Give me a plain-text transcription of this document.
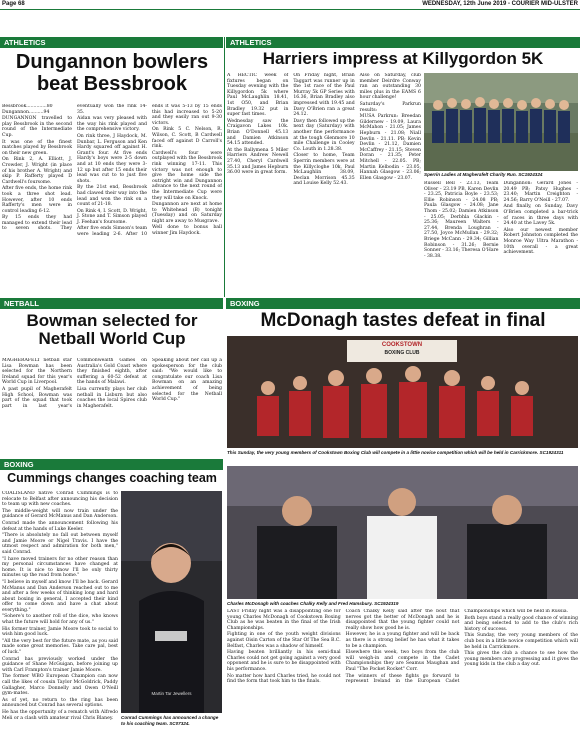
Page 68	WEDNESDAY, 12th June 2019 - COURIER MID-ULSTER
ATHLETICS
Dungannon bowlers beat Bessbrook

Bessbrook..............80 Dungannon..........94

DUNGANNON travelled to play Bessbrook in the second round of the Intermediate Cup.

It was one of the finest matches played by Bessbrook on their new green.

On Rink 2, A. Elliott, J. Crowder, J. Wright (in place of his brother A. Wright) and skip P. Rafferty played D Cardwell's foursome.

After five ends, the home rink took a three shot lead. However, after 10 ends Rafferty's men were in control leading 6-12.

By 15 ends they had managed to extend their lead to seven shots. They eventually won the rink 14-35.

Aidan was very pleased with the way his rink played and the comprehensive victory.

On rink three, J Haydock, M. Dunbar, L. Ferguson and Ken Hardy squared off against H. Grant's four. At five ends Hardy's boys were 2-5 down and at 10 ends they were 3-12 up but after 15 ends their lead was cut to to just five shots.

By the 21st end, Bessbrook had clawed their way into the lead and won the rink on a count of 21-18.

On Rink 4, I. Scott, D. Wright, J. Stone and T. Simson played J. Feehan's foursome.

After five ends Simson's team were leading 2-6. After 10 ends it was 5-13 by 15 ends this had increased to 5-20 and they easily ran out 9-30 victors.

On Rink 5 C. Nelson, R. Wilson, C. Scott, B Cardwell faced off against D Carroll's rink.

Cardwell's four were outplayed with the Bessbrook rink winning 17-11. This victory was not enough to give the home side the outright win and Dungannon advance to the next round of the Intermediate Cup were they will take on Knock.

Dungannon are next at home to Whitehead (B) tonight (Tuesday) and on Saturday night are away to Musgrave.

Well done to bonus ball winner Jim Haydock.

ATHLETICS
Harriers impress at Killygordon 5K

A HECTIC week of fixtures began on Tuesday evening with the Killygordon 5k where Paul McLaughlin 18.41, 1st O50, and Brian Bradley 19.32 put in super fast times.

Wednesday saw the Craigavon Lakes 10k. Brian O'Donnell 45.13 and Damien Atkinson 54.15 attended.

At the Ballymena 5 Miler Harriers Andrew Newell 27.40, Cheryl Cardwell 35.13 and James Hepburn 36.00 were in great form.

On Friday night, Brian Taggart was runner up in the 1st race of the Paul Murray 5k GP Series with 16.36, Brian Bradley also impressed with 19.45 and Davy O'Brien ran a great 24.12.

Davy then followed up the next day (Saturday) with another fine performance at the tough Glenmore 10 mile Challenge in Cooley Co. Louth in 1.28.38.

Closer to home, Team Sperrin members were at the Killycloghe 10k, Paul McLaughlin 38.09, Declan Morrison 45.35 and Louise Kelly 52.43.

Also on Saturday, club member Deirdre Conway ran an outstanding 30 miles plus in the EAMS 6 hour challenge!

Saturday's Parkrun results:

MUSA Parkrun: Breedan Gildernew - 19.09, Laura McMahon - 21.05; James Hepburn - 21.08; Niall Devlin - 21.11. PB; Kevin Devlin - 21.12, Damien McCaffrey - 21.15; Steven Doran - 21.35; Peter Mitchell - 22.05. PB; Martin Kelbodin - 23.05, Hannah Glasgow - 23.06; Ellen Glasgow - 23.07.

Sperrin Ladies at Magherafelt Charity Run. SC1924324

Russell Bell - 23.13, Team Oliver - 23.19 PB, Karen Devlin - 23.25, Patricia Boyle - 23.53; Ellie Robinson - 24.08 PB; Paula Glasgow - 24.08; Jane Thom - 25.02; Damien Atkinson - 25.05; Derbhla Glackin - 25.36; Maureen Walters - 27.44, Brenda Loughran - 27.50, Joyce McMullan - 29.32; Briege McCann - 29.34; Gillian Robinson - 31.26; Bernie Sonner - 33.16; Theresa O'Hare - 38.38.

Dungannon: Gerard Jones - 20.49 PB; Patsy Hughes - 23.40; Martin Creighton - 24.56; Barry O'Neill - 27.07.

And finally, on Sunday, Davy O'Brien completed a bar-trick of races in three days with 24.40 at the Lavey 5k.

Also our newest member Robert Johnston completed the Monroe Way Ultra Marathon - 10th overall - a great achievement.

NETBALL
Bowman selected for Netball World Cup

MAGHERAFELT netball star Lisa Bowman has been selected for the Northern Ireland squad for this year's World Cup in Liverpool.

A past pupil of Magherafelt High School, Bowman was part of the squad that took part in last year's Commonwealth Games on Australia's Gold Coast where they finished eighth, after suffering a 60-52 defeat at the hands of Malawi.

Lisa currently plays her club netball in Lisburn but also coaches the local Spires club in Magherafelt.

Speaking about her call up a spokesperson for the club said: "We would like to congratulate our coach Lisa Bowman on an amazing achievement of being selected for the Netball World Cup."

BOXING
McDonagh tastes defeat in final
COOKSTOWN
BOXING CLUB
This Sunday, the very young members of Cookstown Boxing Club will compete in a little novice competition which will be held in Carrickmore. SC1924311
Charles McDonagh with coaches Chalky Kelly and Fred Hamsbury. SC1924319

LAST Friday night was a disappointing one for young Charles McDonagh of Cookstown Boxing Club as he was beaten in the final of the Irish Championships.

Fighting in one of the youth weight divisions against Oisin Carton of the Star Of The Sea B.C. Belfast, Charles was a shadow of himself.

Having beaten brilliantly in his semi-final Charles could not get going against a very good opponent and he is sure to be disappointed with his performance.

No matter how hard Charles tried, he could not find the form that took him to the finals.

Coach Chalky Kelly said after the bout that nerves got the better of McDonagh and he is disappointed that the young fighter could not really show how good he is.

However, he is a young fighter and will be back as there is a strong belief he has what it takes to be a champion.

Elsewhere this week, two boys from the club will weigh-in and compete in the Cadet Championships they are Seamus Maughan and Paul "The Pocket Rocket" Corr.

The winners of these fights go forward to represent Ireland in the European Cadet Championships which will be held in Russia.

Both boys stand a really good chance of winning and being selected to add to the club's rich history of success.

This Sunday, the very young members of the club box in a little novice competition which will be held in Carrickmore.

This gives the club a chance to see how the young members are progressing and it gives the young kids in the club a day out.

BOXING
Cummings changes coaching team

COALISLAND native Conrad Cummings is to relocate to Belfast after announcing his decision to team up with new coaches.

The middle-weight will now train under the guidance of Gerard McManus and Dan Anderson.

Conrad made the announcement following his defeat at the hands of Luke Keeler.

"There is absolutely no fall out between myself and Jamie Moore or Nigel Travis. I have the utmost respect and admiration for both men," said Conrad.

"I have moved trainers for no other reason than my personal circumstances have changed at home. It is nice to know I'll be only thirty minutes up the road from home."

"I believe in myself and know I'll be back. Gerard McManus and Dan Anderson reached out to me and after a few weeks of thinking long and hard about boxing in general, I accepted their kind offer to come down and have a chat about everything."

"Sohere's to another roll of the dice, who knows what the future will hold for any of us."

His former trainer, Jamie Moore took to social to wish him good luck.

"All the very best for the future mate, as you said made some great memories. Take care pal, best of luck."

Conrad has previously worked under the guidance of Shane McGuigan, before joining up with Carl Frampton's trainer Jamie Moore.

The former WBO European Champion can now call the likes of cousin Taylor McGoldrick, Paddy Gallagher, Marco Donnelly and Owen O'Neill gym-mates.

As of yet, no return to the ring has been announced but Conrad has several options.

He has the opportunity of a rematch with Alfredo Meli or a clash with amateur rival Chris Blaney.

Martin Tar Jewellers
Conrad Cummings has announced a change to his coaching team. SC07324.
